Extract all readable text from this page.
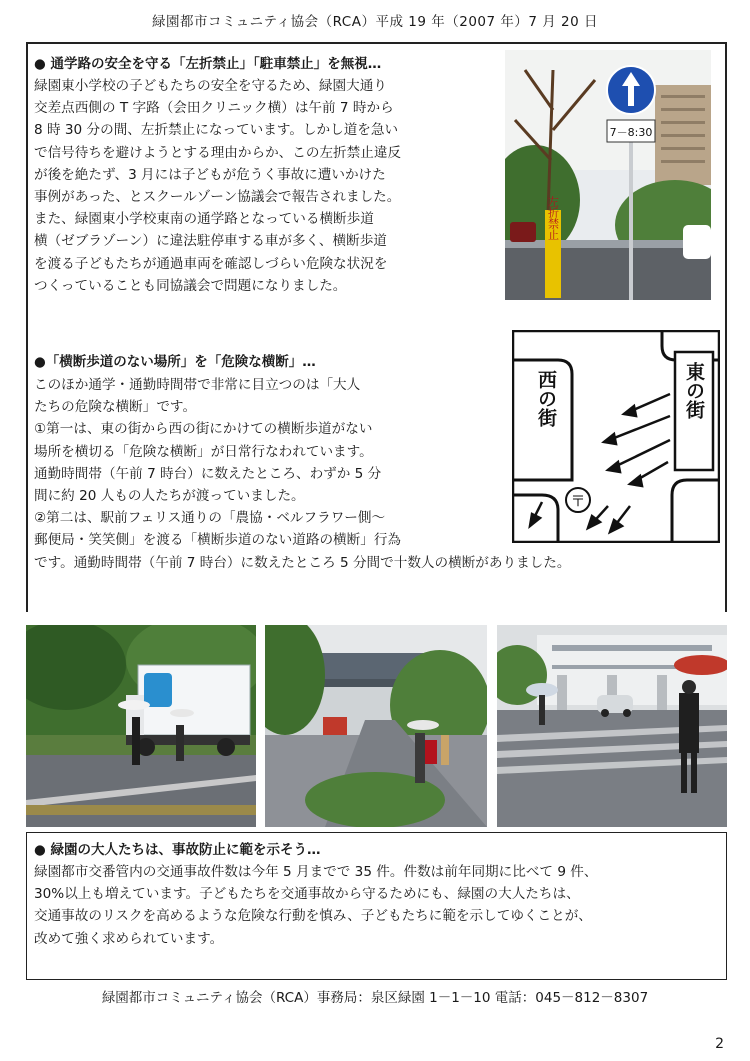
緑園都市コミュニティ協会（RCA）平成 19 年（2007 年）7 月 20 日
● 通学路の安全を守る「左折禁止」「駐車禁止」を無視…
緑園東小学校の子どもたちの安全を守るため、緑園大通り
交差点西側の T 字路（会田クリニック横）は午前 7 時から
8 時 30 分の間、左折禁止になっています。しかし道を急い
で信号待ちを避けようとする理由からか、この左折禁止違反
が後を絶たず、3 月には子どもが危うく事故に遭いかけた
事例があった、とスクールゾーン協議会で報告されました。
また、緑園東小学校東南の通学路となっている横断歩道
横（ゼブラゾーン）に違法駐停車する車が多く、横断歩道
を渡る子どもたちが通過車両を確認しづらい危険な状況を
つくっていることも同協議会で問題になりました。
7－8:30
左折禁止
●「横断歩道のない場所」を「危険な横断」…
このほか通学・通勤時間帯で非常に目立つのは「大人
たちの危険な横断」です。
①第一は、東の街から西の街にかけての横断歩道がない
場所を横切る「危険な横断」が日常行なわれています。
通勤時間帯（午前 7 時台）に数えたところ、わずか 5 分
間に約 20 人もの人たちが渡っていました。
②第二は、駅前フェリス通りの「農協・ベルフラワー側～
郵便局・笑笑側」を渡る「横断歩道のない道路の横断」行為
です。通勤時間帯（午前 7 時台）に数えたところ 5 分間で十数人の横断がありました。
西の街	東の街
〒
● 緑園の大人たちは、事故防止に範を示そう…
緑園都市交番管内の交通事故件数は今年 5 月までで 35 件。件数は前年同期に比べて 9 件、
30%以上も増えています。子どもたちを交通事故から守るためにも、緑園の大人たちは、
交通事故のリスクを高めるような危険な行動を慎み、子どもたちに範を示してゆくことが、
改めて強く求められています。
緑園都市コミュニティ協会（RCA）事務局：泉区緑園 1－1－10 電話：045－812－8307
2
